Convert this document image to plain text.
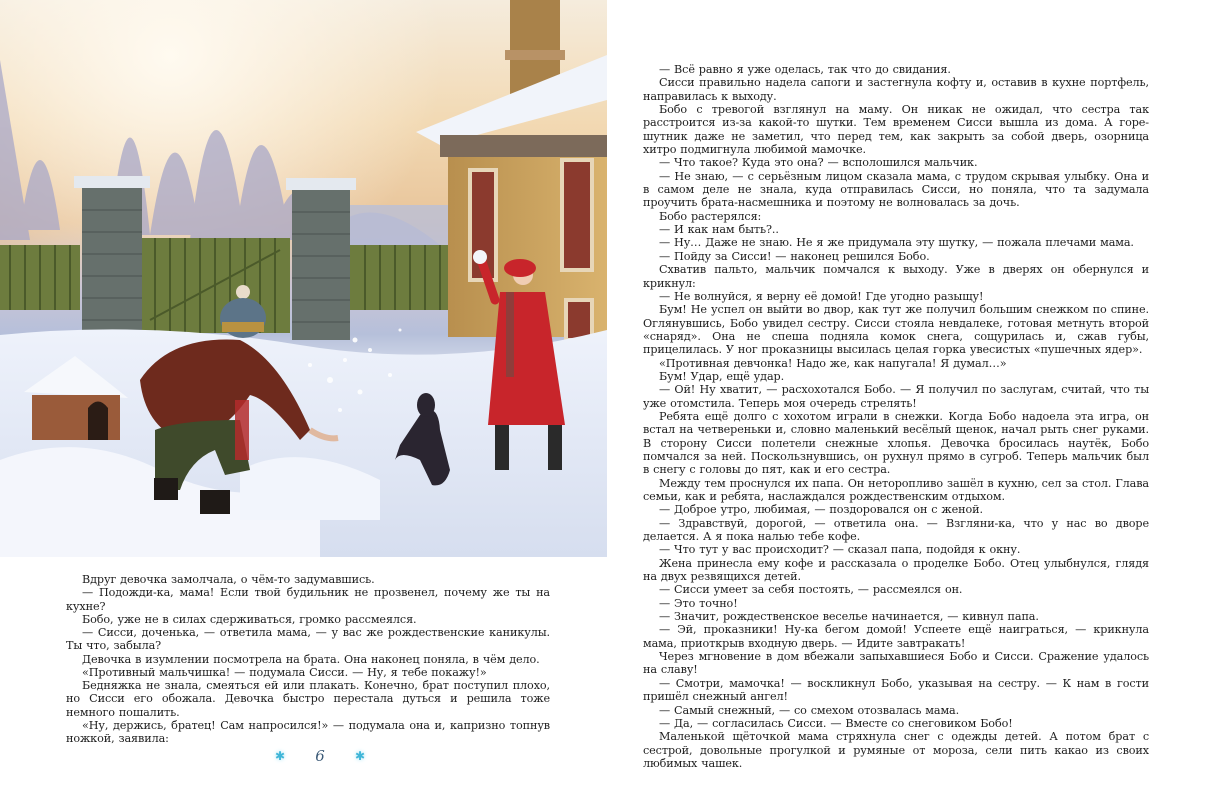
Вдруг девочка замолчала, о чём-то задумавшись.

— Подожди-ка, мама! Если твой будильник не прозвенел, почему же ты на кухне?

Бобо, уже не в силах сдерживаться, громко рассмеялся.

— Сисси, доченька, — ответила мама, — у вас же рождественские каникулы. Ты что, забыла?

Девочка в изумлении посмотрела на брата. Она наконец поняла, в чём дело.

«Противный мальчишка! — подумала Сисси. — Ну, я тебе покажу!»

Бедняжка не знала, смеяться ей или плакать. Конечно, брат поступил плохо, но Сисси его обожала. Девочка быстро перестала дуться и решила тоже немного пошалить.

«Ну, держись, братец! Сам напросился!» — подумала она и, капризно топнув ножкой, заявила:

✱	6	✱

— Всё равно я уже оделась, так что до свидания.

Сисси правильно надела сапоги и застегнула кофту и, оставив в кухне портфель, направилась к выходу.

Бобо с тревогой взглянул на маму. Он никак не ожидал, что сестра так расстроится из-за какой-то шутки. Тем временем Сисси вышла из дома. А горе-шутник даже не заметил, что перед тем, как закрыть за собой дверь, озорница хитро подмигнула любимой мамочке.

— Что такое? Куда это она? — всполошился мальчик.

— Не знаю, — с серьёзным лицом сказала мама, с трудом скрывая улыбку. Она и в самом деле не знала, куда отправилась Сисси, но поняла, что та задумала проучить брата-насмешника и поэтому не волновалась за дочь.

Бобо растерялся:

— И как нам быть?..

— Ну… Даже не знаю. Не я же придумала эту шутку, — пожала плечами мама.

— Пойду за Сисси! — наконец решился Бобо.

Схватив пальто, мальчик помчался к выходу. Уже в дверях он обернулся и крикнул:

— Не волнуйся, я верну её домой! Где угодно разыщу!

Бум! Не успел он выйти во двор, как тут же получил большим снежком по спине. Оглянувшись, Бобо увидел сестру. Сисси стояла невдалеке, готовая метнуть второй «снаряд». Она не спеша подняла комок снега, сощурилась и, сжав губы, прицелилась. У ног проказницы высилась целая горка увесистых «пушечных ядер».

«Противная девчонка! Надо же, как напугала! Я думал…»

Бум! Удар, ещё удар.

— Ой! Ну хватит, — расхохотался Бобо. — Я получил по заслугам, считай, что ты уже отомстила. Теперь моя очередь стрелять!

Ребята ещё долго с хохотом играли в снежки. Когда Бобо надоела эта игра, он встал на четвереньки и, словно маленький весёлый щенок, начал рыть снег руками. В сторону Сисси полетели снежные хлопья. Девочка бросилась наутёк, Бобо помчался за ней. Поскользнувшись, он рухнул прямо в сугроб. Теперь мальчик был в снегу с головы до пят, как и его сестра.

Между тем проснулся их папа. Он неторопливо зашёл в кухню, сел за стол. Глава семьи, как и ребята, наслаждался рождественским отдыхом.

— Доброе утро, любимая, — поздоровался он с женой.

— Здравствуй, дорогой, — ответила она. — Взгляни-ка, что у нас во дворе делается. А я пока налью тебе кофе.

— Что тут у вас происходит? — сказал папа, подойдя к окну.

Жена принесла ему кофе и рассказала о проделке Бобо. Отец улыбнулся, глядя на двух резвящихся детей.

— Сисси умеет за себя постоять, — рассмеялся он.

— Это точно!

— Значит, рождественское веселье начинается, — кивнул папа.

— Эй, проказники! Ну-ка бегом домой! Успеете ещё наиграться, — крикнула мама, приоткрыв входную дверь. — Идите завтракать!

Через мгновение в дом вбежали запыхавшиеся Бобо и Сисси. Сражение удалось на славу!

— Смотри, мамочка! — воскликнул Бобо, указывая на сестру. — К нам в гости пришёл снежный ангел!

— Самый снежный, — со смехом отозвалась мама.

— Да, — согласилась Сисси. — Вместе со снеговиком Бобо!

Маленькой щёточкой мама стряхнула снег с одежды детей. А потом брат с сестрой, довольные прогулкой и румяные от мороза, сели пить какао из своих любимых чашек.
